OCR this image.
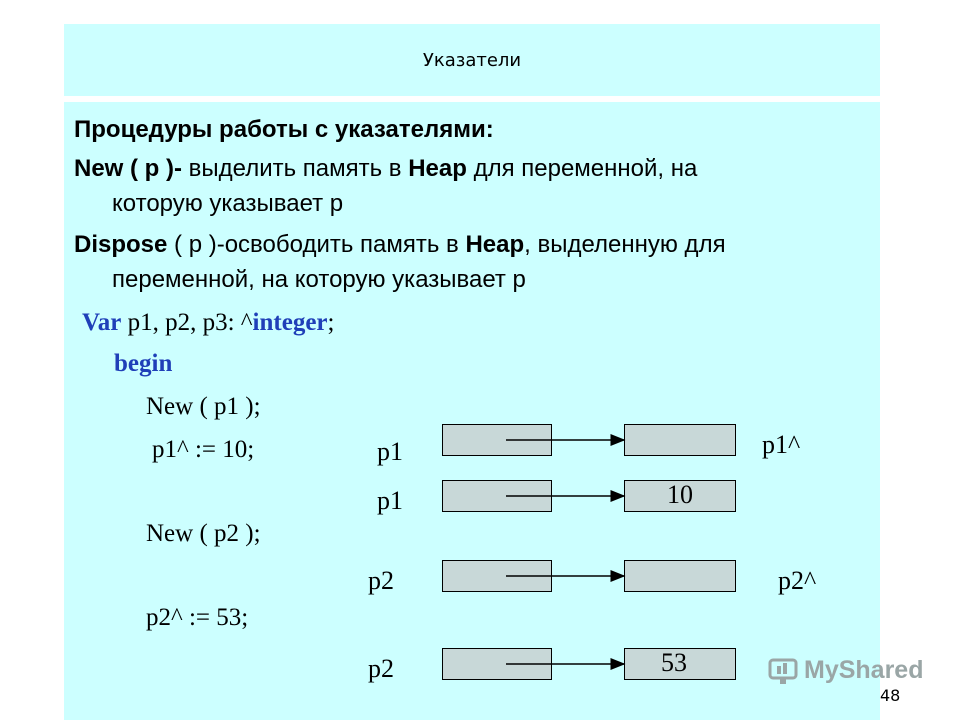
Указатели
Процедуры работы с указателями:
New ( p )- выделить память в Heap для переменной, на
которую указывает p
Dispose ( p )-освободить память в Heap, выделенную для
переменной, на которую указывает p
Var p1, p2, p3: ^integer;
begin
New ( p1 );
p1^ := 10;
New ( p2 );
p2^ := 53;
p1	p1^
p1	10
p2	p2^
p2	53	MyShared
48
